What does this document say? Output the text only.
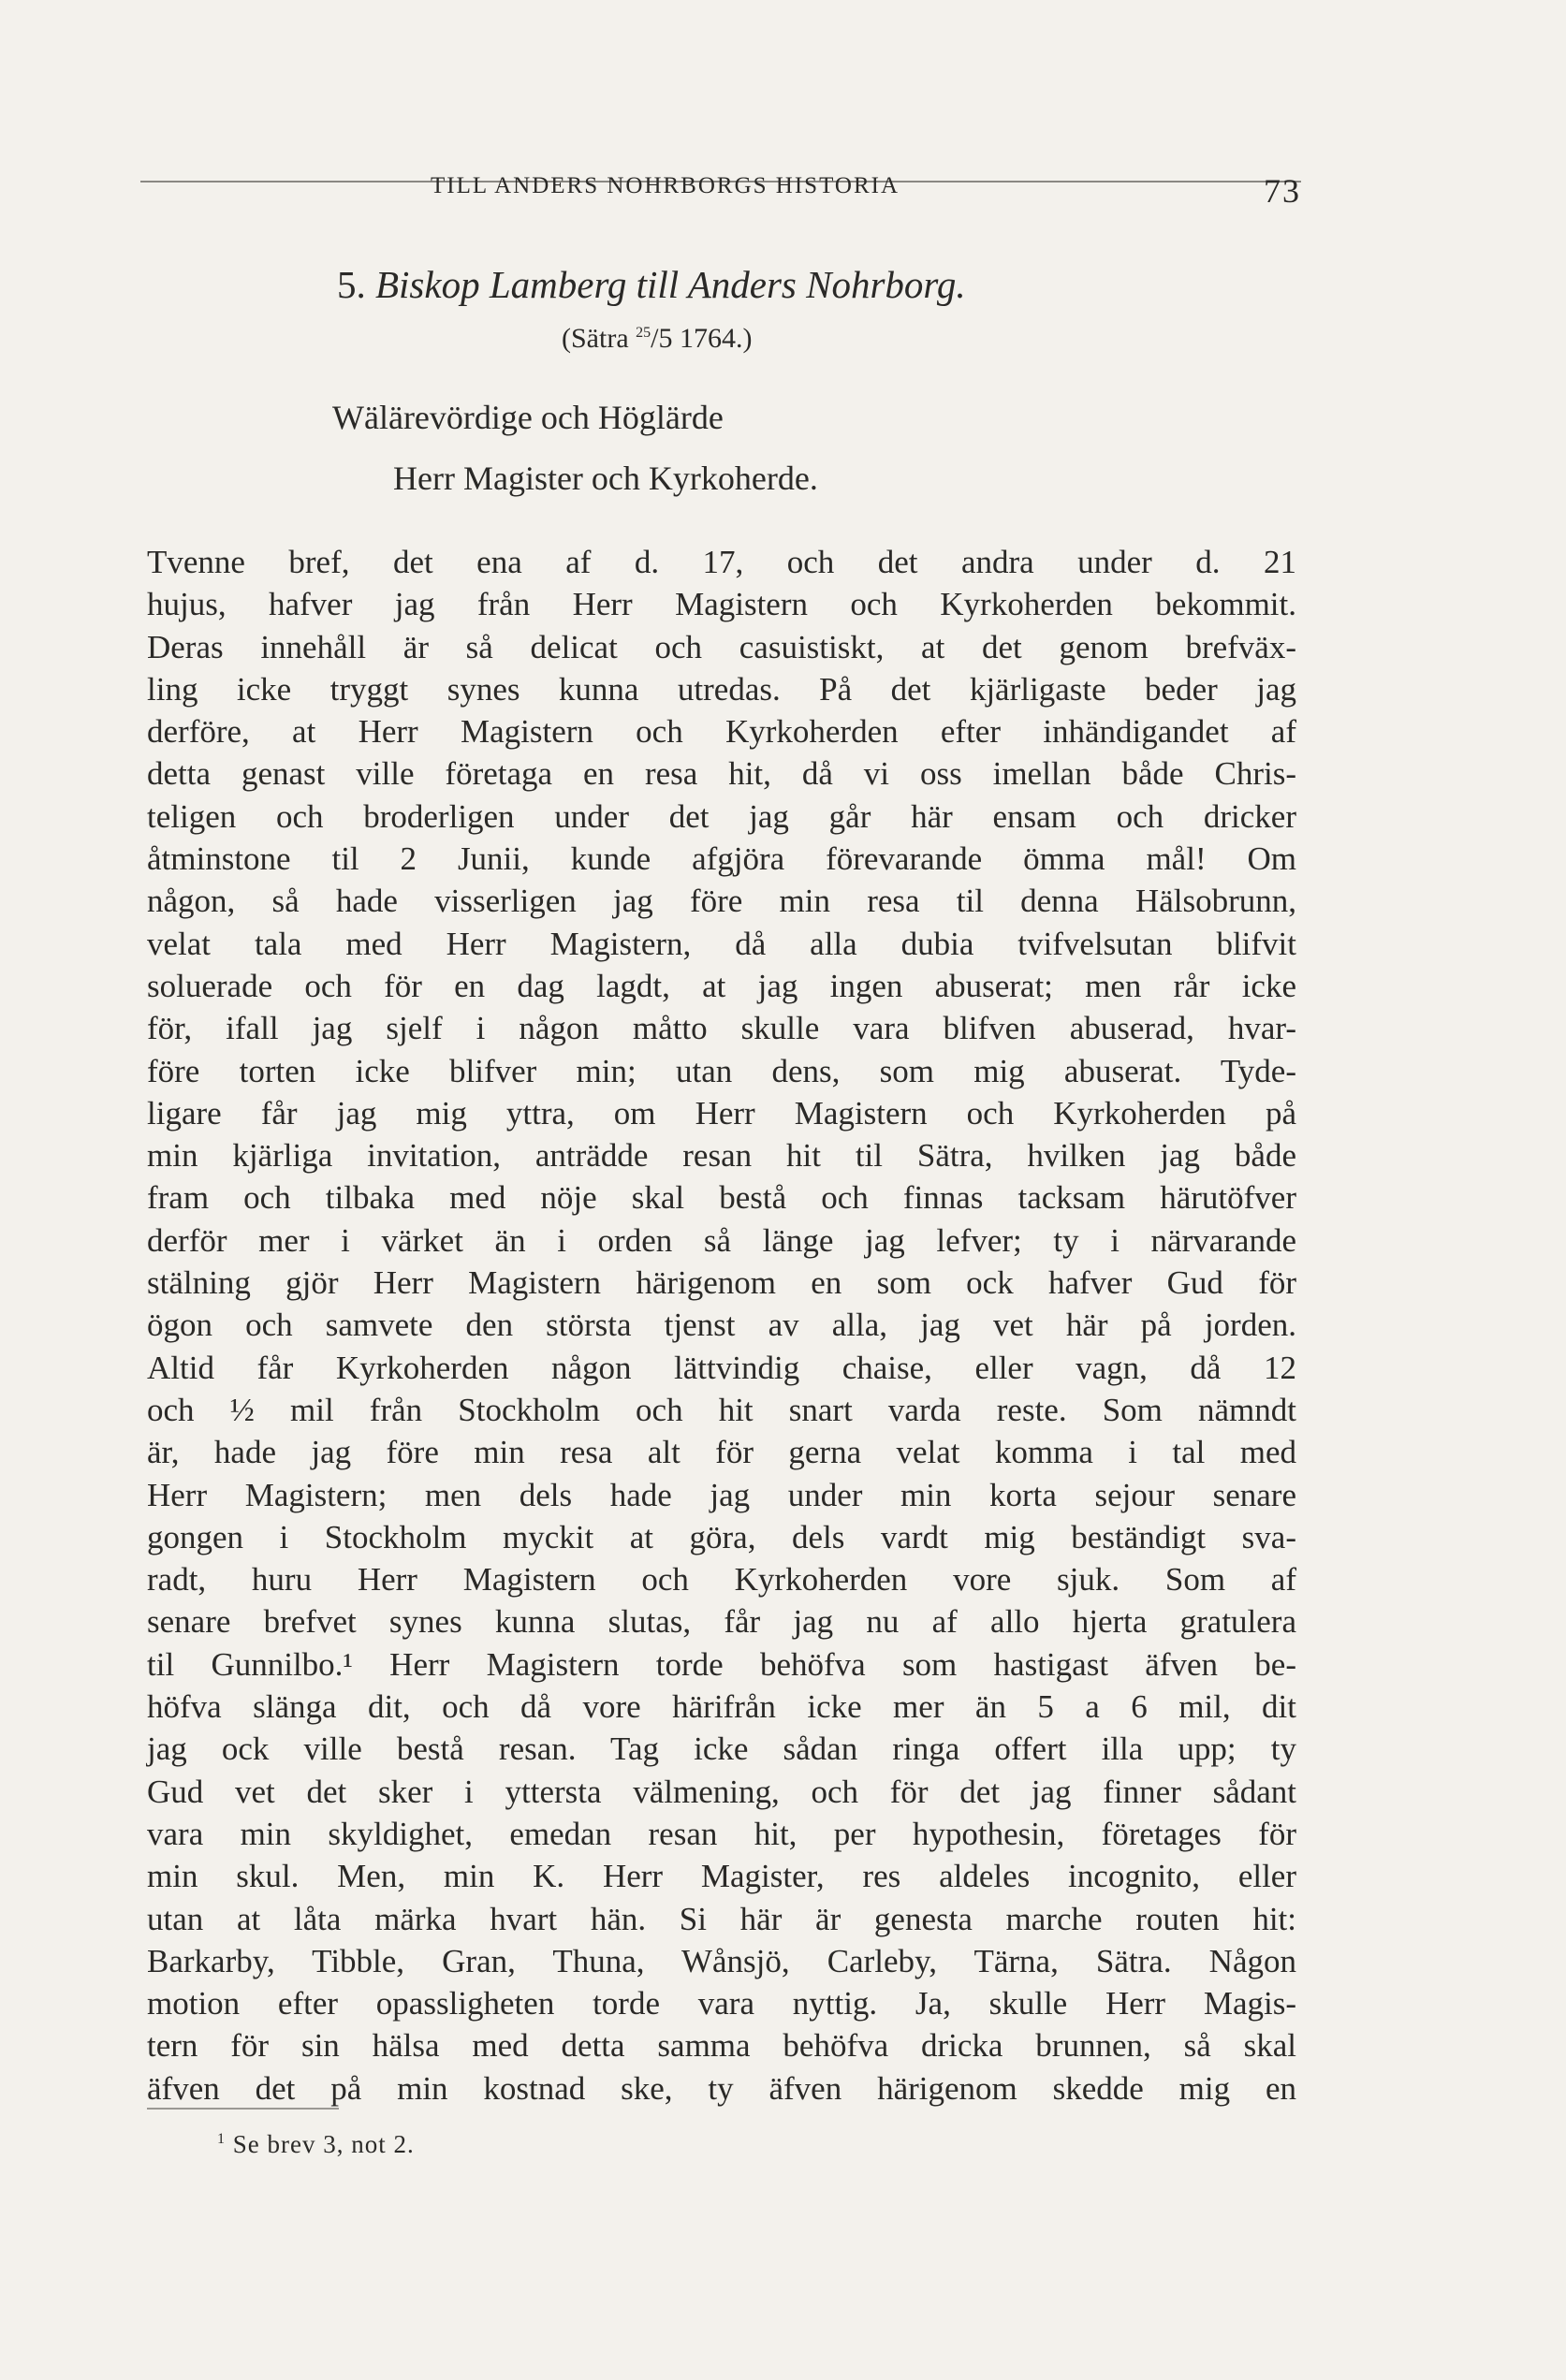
TILL ANDERS NOHRBORGS HISTORIA	73
5. Biskop Lamberg till Anders Nohrborg.
(Sätra $^{25}$/5 1764.)
Wälärevördige och Höglärde
Herr Magister och Kyrkoherde.
Tvenne bref, det ena af d. 17, och det andra under d. 21
hujus, hafver jag från Herr Magistern och Kyrkoherden bekommit.
Deras innehåll är så delicat och casuistiskt, at det genom brefväx-
ling icke tryggt synes kunna utredas. På det kjärligaste beder jag
derföre, at Herr Magistern och Kyrkoherden efter inhändigandet af
detta genast ville företaga en resa hit, då vi oss imellan både Chris-
teligen och broderligen under det jag går här ensam och dricker
åtminstone til 2 Junii, kunde afgjöra förevarande ömma mål! Om
någon, så hade visserligen jag före min resa til denna Hälsobrunn,
velat tala med Herr Magistern, då alla dubia tvifvelsutan blifvit
soluerade och för en dag lagdt, at jag ingen abuserat; men rår icke
för, ifall jag sjelf i någon måtto skulle vara blifven abuserad, hvar-
före torten icke blifver min; utan dens, som mig abuserat. Tyde-
ligare får jag mig yttra, om Herr Magistern och Kyrkoherden på
min kjärliga invitation, anträdde resan hit til Sätra, hvilken jag både
fram och tilbaka med nöje skal bestå och finnas tacksam härutöfver
derför mer i värket än i orden så länge jag lefver; ty i närvarande
stälning gjör Herr Magistern härigenom en som ock hafver Gud för
ögon och samvete den största tjenst av alla, jag vet här på jorden.
Altid får Kyrkoherden någon lättvindig chaise, eller vagn, då 12
och ½ mil från Stockholm och hit snart varda reste. Som nämndt
är, hade jag före min resa alt för gerna velat komma i tal med
Herr Magistern; men dels hade jag under min korta sejour senare
gongen i Stockholm myckit at göra, dels vardt mig beständigt sva-
radt, huru Herr Magistern och Kyrkoherden vore sjuk. Som af
senare brefvet synes kunna slutas, får jag nu af allo hjerta gratulera
til Gunnilbo.¹ Herr Magistern torde behöfva som hastigast äfven be-
höfva slänga dit, och då vore härifrån icke mer än 5 a 6 mil, dit
jag ock ville bestå resan. Tag icke sådan ringa offert illa upp; ty
Gud vet det sker i yttersta välmening, och för det jag finner sådant
vara min skyldighet, emedan resan hit, per hypothesin, företages för
min skul. Men, min K. Herr Magister, res aldeles incognito, eller
utan at låta märka hvart hän. Si här är genesta marche routen hit:
Barkarby, Tibble, Gran, Thuna, Wånsjö, Carleby, Tärna, Sätra. Någon
motion efter opassligheten torde vara nyttig. Ja, skulle Herr Magis-
tern för sin hälsa med detta samma behöfva dricka brunnen, så skal
äfven det på min kostnad ske, ty äfven härigenom skedde mig en
$^1$ Se brev 3, not 2.
